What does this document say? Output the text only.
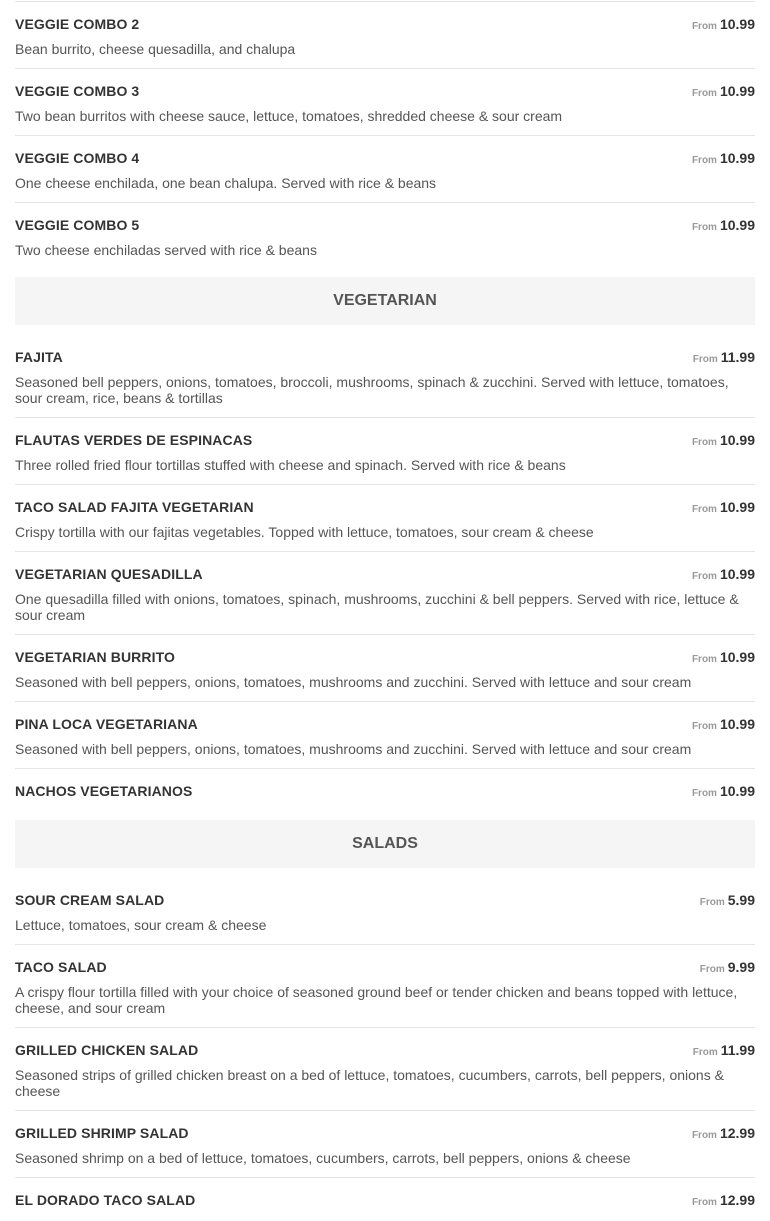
VEGGIE COMBO 2	From 10.99
Bean burrito, cheese quesadilla, and chalupa
VEGGIE COMBO 3	From 10.99
Two bean burritos with cheese sauce, lettuce, tomatoes, shredded cheese & sour cream
VEGGIE COMBO 4	From 10.99
One cheese enchilada, one bean chalupa. Served with rice & beans
VEGGIE COMBO 5	From 10.99
Two cheese enchiladas served with rice & beans
VEGETARIAN
FAJITA	From 11.99
Seasoned bell peppers, onions, tomatoes, broccoli, mushrooms, spinach & zucchini. Served with lettuce, tomatoes, sour cream, rice, beans & tortillas
FLAUTAS VERDES DE ESPINACAS	From 10.99
Three rolled fried flour tortillas stuffed with cheese and spinach. Served with rice & beans
TACO SALAD FAJITA VEGETARIAN	From 10.99
Crispy tortilla with our fajitas vegetables. Topped with lettuce, tomatoes, sour cream & cheese
VEGETARIAN QUESADILLA	From 10.99
One quesadilla filled with onions, tomatoes, spinach, mushrooms, zucchini & bell peppers. Served with rice, lettuce & sour cream
VEGETARIAN BURRITO	From 10.99
Seasoned with bell peppers, onions, tomatoes, mushrooms and zucchini. Served with lettuce and sour cream
PINA LOCA VEGETARIANA	From 10.99
Seasoned with bell peppers, onions, tomatoes, mushrooms and zucchini. Served with lettuce and sour cream
NACHOS VEGETARIANOS	From 10.99
SALADS
SOUR CREAM SALAD	From 5.99
Lettuce, tomatoes, sour cream & cheese
TACO SALAD	From 9.99
A crispy flour tortilla filled with your choice of seasoned ground beef or tender chicken and beans topped with lettuce, cheese, and sour cream
GRILLED CHICKEN SALAD	From 11.99
Seasoned strips of grilled chicken breast on a bed of lettuce, tomatoes, cucumbers, carrots, bell peppers, onions & cheese
GRILLED SHRIMP SALAD	From 12.99
Seasoned shrimp on a bed of lettuce, tomatoes, cucumbers, carrots, bell peppers, onions & cheese
EL DORADO TACO SALAD	From 12.99
